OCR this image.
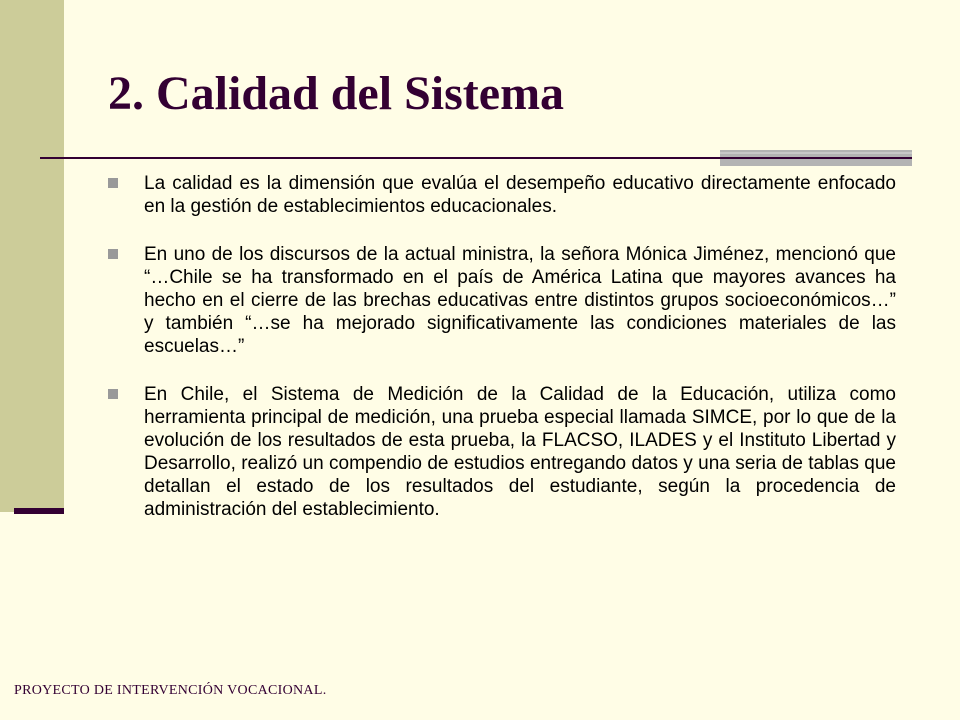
2. Calidad del Sistema
La calidad es la dimensión que evalúa el desempeño educativo directamente enfocado en la gestión de establecimientos educacionales.
En uno de los discursos de la actual ministra, la señora Mónica Jiménez, mencionó que “…Chile se ha transformado en el país de América Latina que mayores avances ha hecho en el cierre de las brechas educativas entre distintos grupos socioeconómicos…” y también “…se ha mejorado significativamente las condiciones materiales de las escuelas…”
En Chile, el Sistema de Medición de la Calidad de la Educación, utiliza como herramienta principal de medición, una prueba especial llamada SIMCE, por lo que de la evolución de los resultados de esta prueba, la FLACSO, ILADES y el Instituto Libertad y Desarrollo, realizó un compendio de estudios entregando datos y una seria de tablas que detallan el estado de los resultados del estudiante, según la procedencia de administración del establecimiento.
PROYECTO DE INTERVENCIÓN VOCACIONAL.
